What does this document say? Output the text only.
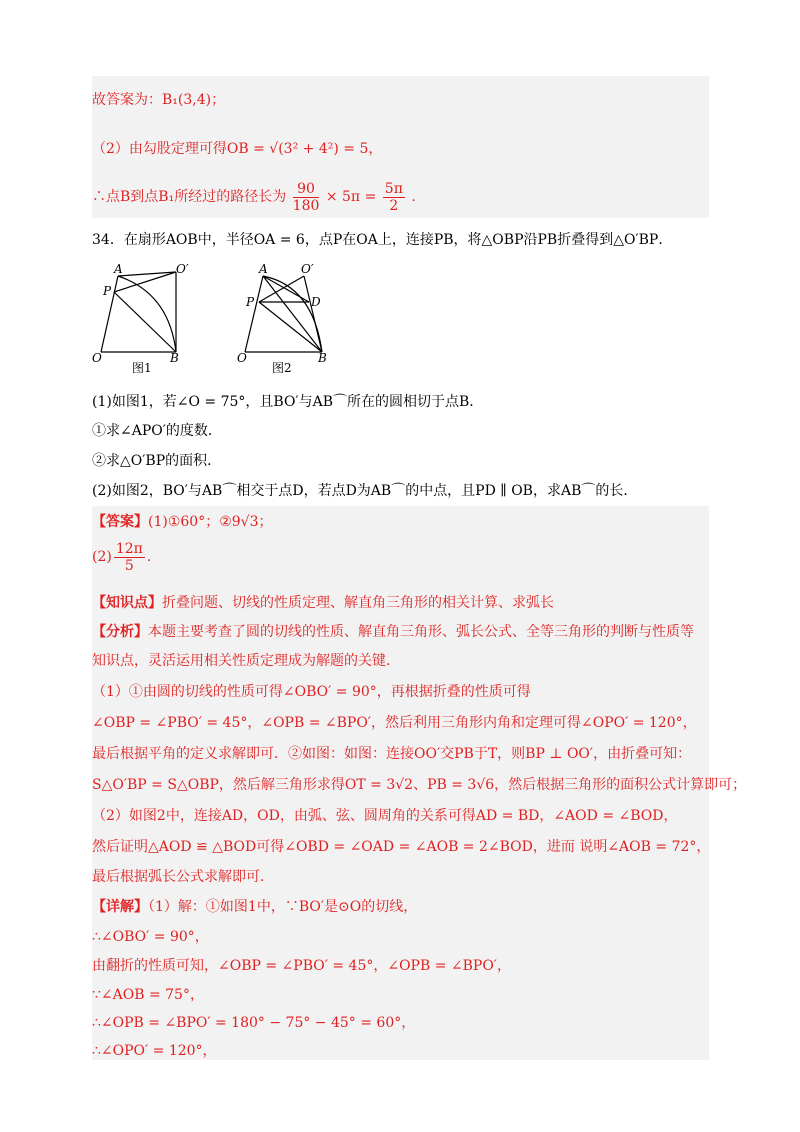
故答案为：B₁(3,4)；
（2）由勾股定理可得OB = √(3² + 4²) = 5，
∴点B到点B₁所经过的路径长为 $\frac{90}{180} \times 5\pi = \frac{5\pi}{2}$ .
34．在扇形AOB中，半径OA = 6，点P在OA上，连接PB，将△OBP沿PB折叠得到△O′BP．
A	O′
P
O	B
图1
A	O′
P	D
O	B
图2
(1)如图1，若∠O = 75°，且BO′与AB⌒所在的圆相切于点B．
①求∠APO′的度数．
②求△O′BP的面积．
(2)如图2，BO′与AB⌒相交于点D，若点D为AB⌒的中点，且PD ∥ OB，求AB⌒的长．
【答案】(1)①60°；②9√3；
$(2) \frac{12\pi}{5}$ .
【知识点】折叠问题、切线的性质定理、解直角三角形的相关计算、求弧长
【分析】本题主要考查了圆的切线的性质、解直角三角形、弧长公式、全等三角形的判断与性质等
知识点，灵活运用相关性质定理成为解题的关键．
（1）①由圆的切线的性质可得∠OBO′ = 90°，再根据折叠的性质可得
∠OBP = ∠PBO′ = 45°，∠OPB = ∠BPO′，然后利用三角形内角和定理可得∠OPO′ = 120°，
最后根据平角的定义求解即可．②如图：如图：连接OO′交PB于T，则BP ⊥ OO′，由折叠可知：
S△O′BP = S△OBP，然后解三角形求得OT = 3√2、PB = 3√6，然后根据三角形的面积公式计算即可；
（2）如图2中，连接AD，OD，由弧、弦、圆周角的关系可得AD = BD，∠AOD = ∠BOD，
然后证明△AOD ≌ △BOD可得∠OBD = ∠OAD = ∠AOB = 2∠BOD，进而 说明∠AOB = 72°，
最后根据弧长公式求解即可．
【详解】（1）解：①如图1中，∵BO′是⊙O的切线，
∴∠OBO′ = 90°，
由翻折的性质可知，∠OBP = ∠PBO′ = 45°，∠OPB = ∠BPO′，
∵∠AOB = 75°，
∴∠OPB = ∠BPO′ = 180° − 75° − 45° = 60°，
∴∠OPO′ = 120°，
